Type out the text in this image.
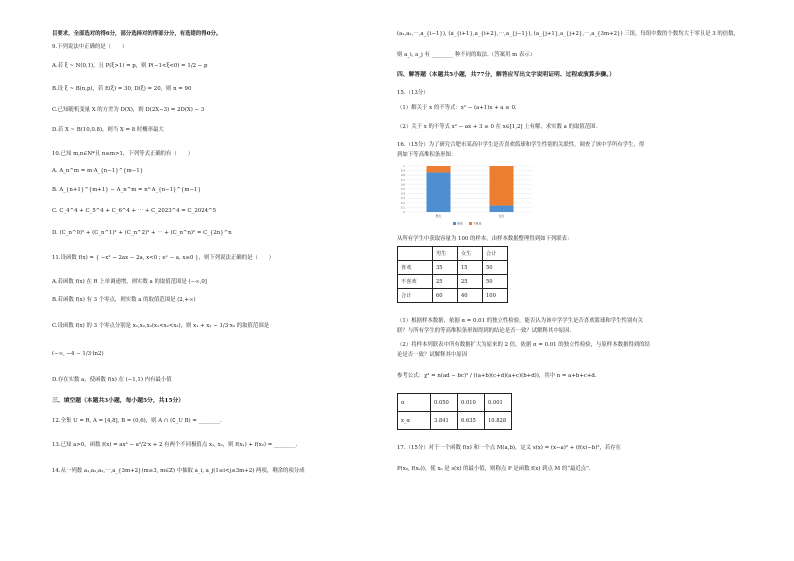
目要求，全部选对的得6分，部分选择对的得部分分，有选错的得0分。
9.下列说法中正确的是（　　）
A.若 ξ ~ N(0,1)，且 P(ξ>1) = p，则 P(−1<ξ<0) = 1/2 − p
B.设 ξ ~ B(n,p)，若 E(ξ) = 30, D(ξ) = 20，则 n = 90
C.已知随机变量 X 的方差为 D(X)，则 D(2X−3) = 2D(X) − 3
D.若 X ~ B(10,0.8)，则当 X = 8 时概率最大
10.已知 m,n∈N*且 n≥m>1，下列等式正确的有（　　）
A. A_n^m = m·A_{n−1}^{m−1}
B. A_{n+1}^{m+1} − A_n^m = n²·A_{n−1}^{m−1}
C. C_4^4 + C_5^4 + C_6^4 + ⋯ + C_2023^4 = C_2024^5
D. (C_n^0)² + (C_n^1)² + (C_n^2)² + ⋯ + (C_n^n)² = C_{2n}^n
11.设函数 f(x) = { −x² − 2ax − 2a, x<0 ; eˣ − a, x≥0 }，则下列说法正确的是（　　）
A.若函数 f(x) 在 R 上单调递增，则实数 a 的取值范围是 (−∞,0]
B.若函数 f(x) 有 3 个零点，则实数 a 的取值范围是 (2,+∞)
C.设函数 f(x) 的 3 个零点分别是 x₁,x₂,x₃(x₁<x₂<x₃)，则 x₁ + x₂ − 1/3·x₃ 的取值范围是
(−∞, −4 − 1/3·ln2)
D.存在实数 a，使函数 f(x) 在 (−1,1) 内有最小值
三、填空题（本题共3小题，每小题5分，共15分）
12.全集 U = R, A = [4,8], B = (0,6)，则 A ∩ (∁_U B) = ________.
13.已知 a>0，函数 f(x) = ax³ − a²/2·x + 2 有两个不同极值点 x₁, x₂，则 f(x₁) + f(x₂) = ________.
14.从一列数 a₁,a₂,a₃,⋯,a_{3m+2}(m≥3, m∈Z) 中抽取 a_i, a_j(1≤i<j≤3m+2) 两项，剩余的项分成
(a₁,a₂,⋯,a_{i−1}), (a_{i+1},a_{i+2},⋯,a_{j−1}), (a_{j+1},a_{j+2},⋯,a_{3m+2}) 三组，每组中数的个数均大于零且是 3 的倍数，
则 a_i, a_j 有 ________ 种不同的取法.（答案用 m 表示）
四、解答题（本题共5小题，共77分，解答应写出文字说明证明、过程或演算步骤。）
15.（13分）
（1）解关于 x 的不等式：x² − (a+1)x + a ≥ 0.
（2）关于 x 的不等式 x² − ax + 3 ≥ 0 在 x∈[1,2] 上有解，求实数 a 的取值范围.
16.（15分）为了研究合肥市某高中学生是否喜欢篮球和学生性别的关联性，调查了该中学所有学生，得
到如下等高堆积条形图：
0
0.1
0.2
0.3
0.4
0.5
0.6
0.7
0.8
0.9
1
男生	女生
喜欢	不喜欢
从所有学生中获取容量为 100 的样本，由样本数据整理得到如下列联表：
	男生	女生	合计
喜欢	35	15	50
不喜欢	25	25	50
合计	60	40	100
（1）根据样本数据，依据 α = 0.01 的独立性检验，能否认为该中学学生是否喜欢篮球和学生性别有关
联？与所有学生的等高堆积条形图得到的结论是否一致？试解释其中原因.
（2）将样本列联表中所有数据扩大为原来的 2 倍，依据 α = 0.01 的独立性检验，与原样本数据得到的结
论是否一致？试解释其中原因
参考公式：χ² = n(ad − bc)² / ((a+b)(c+d)(a+c)(b+d))，其中 n = a+b+c+d.
α	0.050	0.010	0.001
x_α	3.841	6.635	10.828
17.（15分）对于一个函数 f(x) 和一个点 M(a,b)，定义 s(x) = (x−a)² + (f(x)−b)²，若存在
P(x₀, f(x₀))，使 x₀ 是 s(x) 的最小值，则称点 P 是函数 f(x) 到点 M 的“最近点”.
